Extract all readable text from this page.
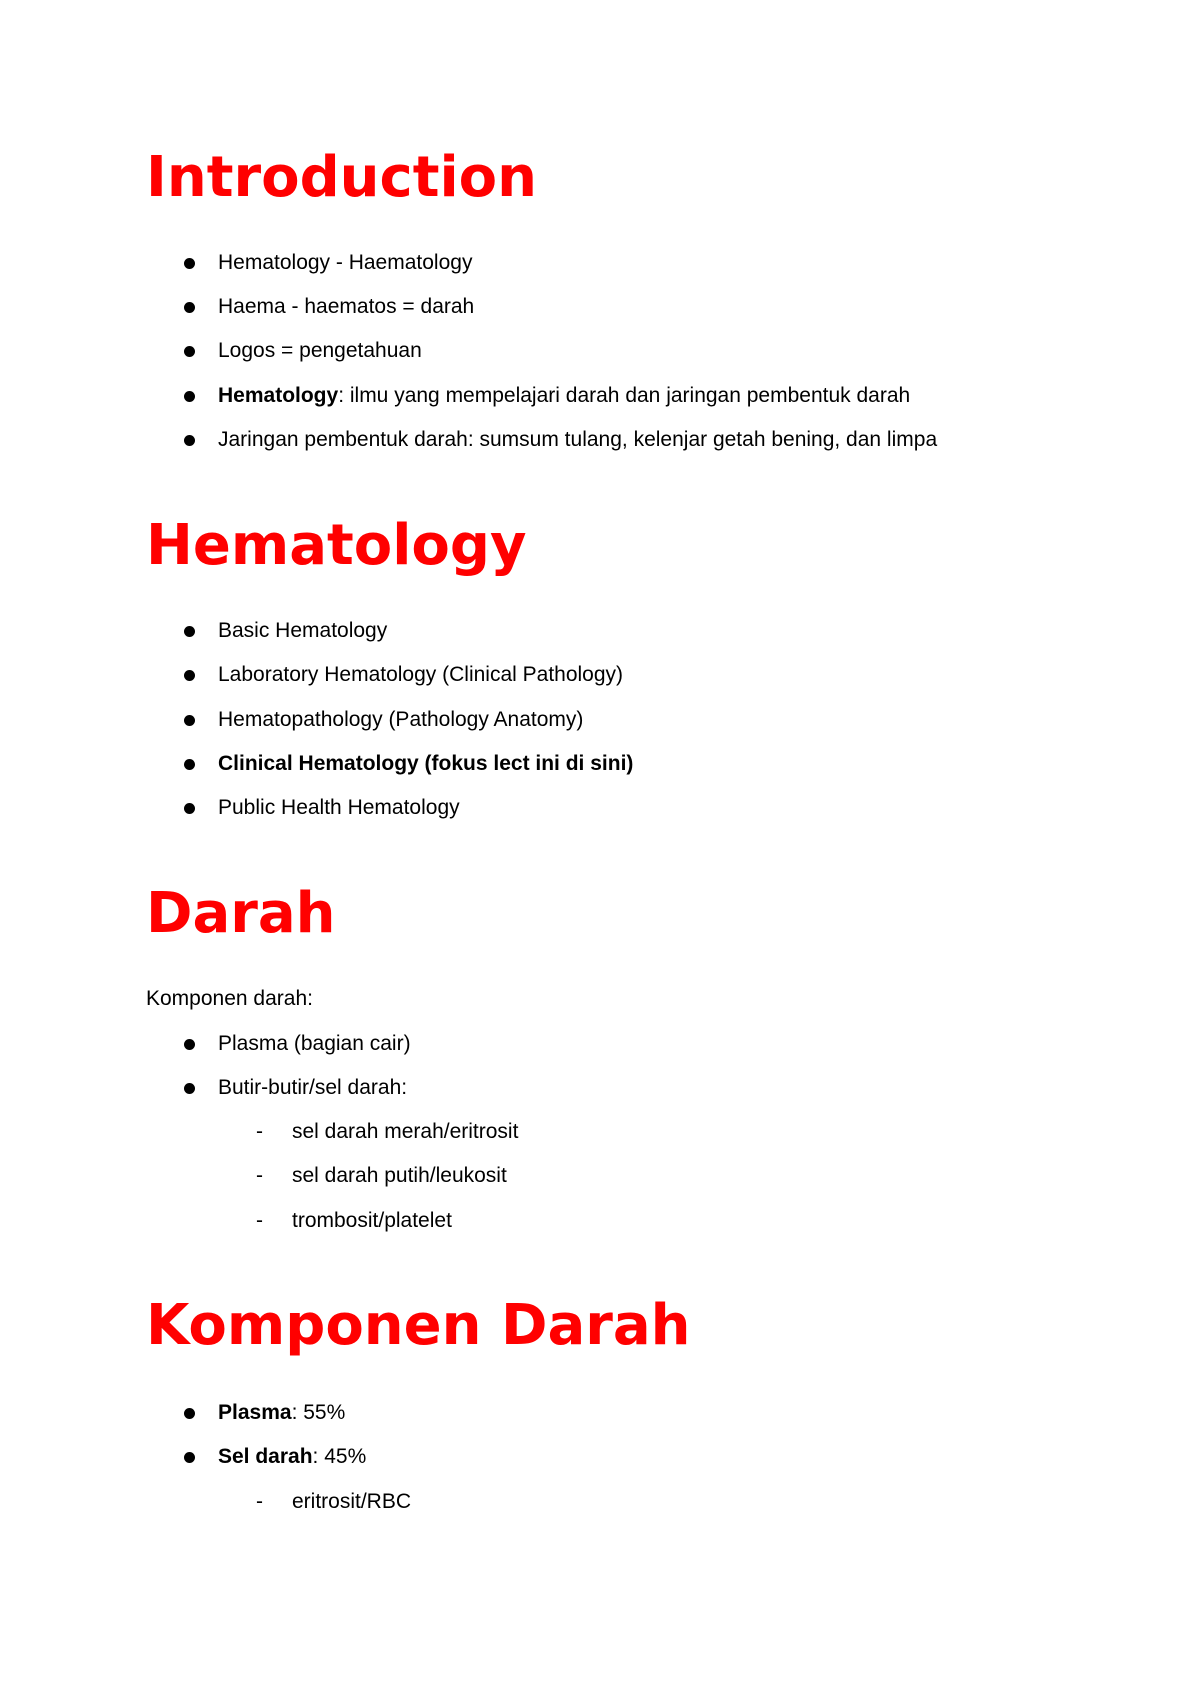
Introduction
Hematology - Haematology
Haema - haematos = darah
Logos = pengetahuan
Hematology: ilmu yang mempelajari darah dan jaringan pembentuk darah
Jaringan pembentuk darah: sumsum tulang, kelenjar getah bening, dan limpa
Hematology
Basic Hematology
Laboratory Hematology (Clinical Pathology)
Hematopathology (Pathology Anatomy)
Clinical Hematology (fokus lect ini di sini)
Public Health Hematology
Darah
Komponen darah:
Plasma (bagian cair)
Butir-butir/sel darah:
- sel darah merah/eritrosit
- sel darah putih/leukosit
- trombosit/platelet
Komponen Darah
Plasma: 55%
Sel darah: 45%
- eritrosit/RBC
